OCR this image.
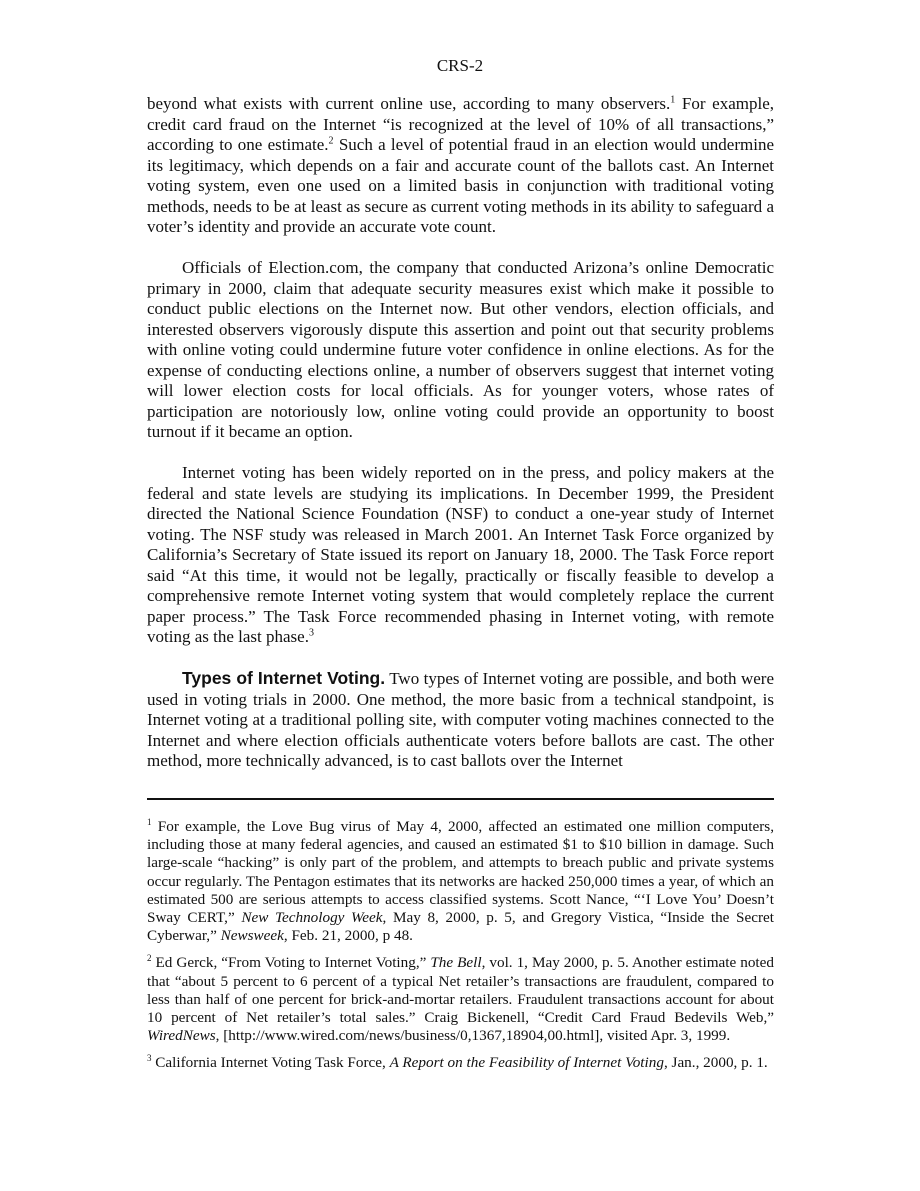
CRS-2

beyond what exists with current online use, according to many observers.$^1$ For example, credit card fraud on the Internet “is recognized at the level of 10% of all transactions,” according to one estimate.$^2$ Such a level of potential fraud in an election would undermine its legitimacy, which depends on a fair and accurate count of the ballots cast. An Internet voting system, even one used on a limited basis in conjunction with traditional voting methods, needs to be at least as secure as current voting methods in its ability to safeguard a voter’s identity and provide an accurate vote count.

Officials of Election.com, the company that conducted Arizona’s online Democratic primary in 2000, claim that adequate security measures exist which make it possible to conduct public elections on the Internet now. But other vendors, election officials, and interested observers vigorously dispute this assertion and point out that security problems with online voting could undermine future voter confidence in online elections. As for the expense of conducting elections online, a number of observers suggest that internet voting will lower election costs for local officials. As for younger voters, whose rates of participation are notoriously low, online voting could provide an opportunity to boost turnout if it became an option.

Internet voting has been widely reported on in the press, and policy makers at the federal and state levels are studying its implications. In December 1999, the President directed the National Science Foundation (NSF) to conduct a one-year study of Internet voting. The NSF study was released in March 2001. An Internet Task Force organized by California’s Secretary of State issued its report on January 18, 2000. The Task Force report said “At this time, it would not be legally, practically or fiscally feasible to develop a comprehensive remote Internet voting system that would completely replace the current paper process.” The Task Force recommended phasing in Internet voting, with remote voting as the last phase.$^3$

Types of Internet Voting. Two types of Internet voting are possible, and both were used in voting trials in 2000. One method, the more basic from a technical standpoint, is Internet voting at a traditional polling site, with computer voting machines connected to the Internet and where election officials authenticate voters before ballots are cast. The other method, more technically advanced, is to cast ballots over the Internet

$^1$ For example, the Love Bug virus of May 4, 2000, affected an estimated one million computers, including those at many federal agencies, and caused an estimated $1 to $10 billion in damage. Such large-scale “hacking” is only part of the problem, and attempts to breach public and private systems occur regularly. The Pentagon estimates that its networks are hacked 250,000 times a year, of which an estimated 500 are serious attempts to access classified systems. Scott Nance, “‘I Love You’ Doesn’t Sway CERT,” New Technology Week, May 8, 2000, p. 5, and Gregory Vistica, “Inside the Secret Cyberwar,” Newsweek, Feb. 21, 2000, p 48.

$^2$ Ed Gerck, “From Voting to Internet Voting,” The Bell, vol. 1, May 2000, p. 5. Another estimate noted that “about 5 percent to 6 percent of a typical Net retailer’s transactions are fraudulent, compared to less than half of one percent for brick-and-mortar retailers. Fraudulent transactions account for about 10 percent of Net retailer’s total sales.” Craig Bickenell, “Credit Card Fraud Bedevils Web,” WiredNews, [http://www.wired.com/news/business/0,1367,18904,00.html], visited Apr. 3, 1999.

$^3$ California Internet Voting Task Force, A Report on the Feasibility of Internet Voting, Jan., 2000, p. 1.
